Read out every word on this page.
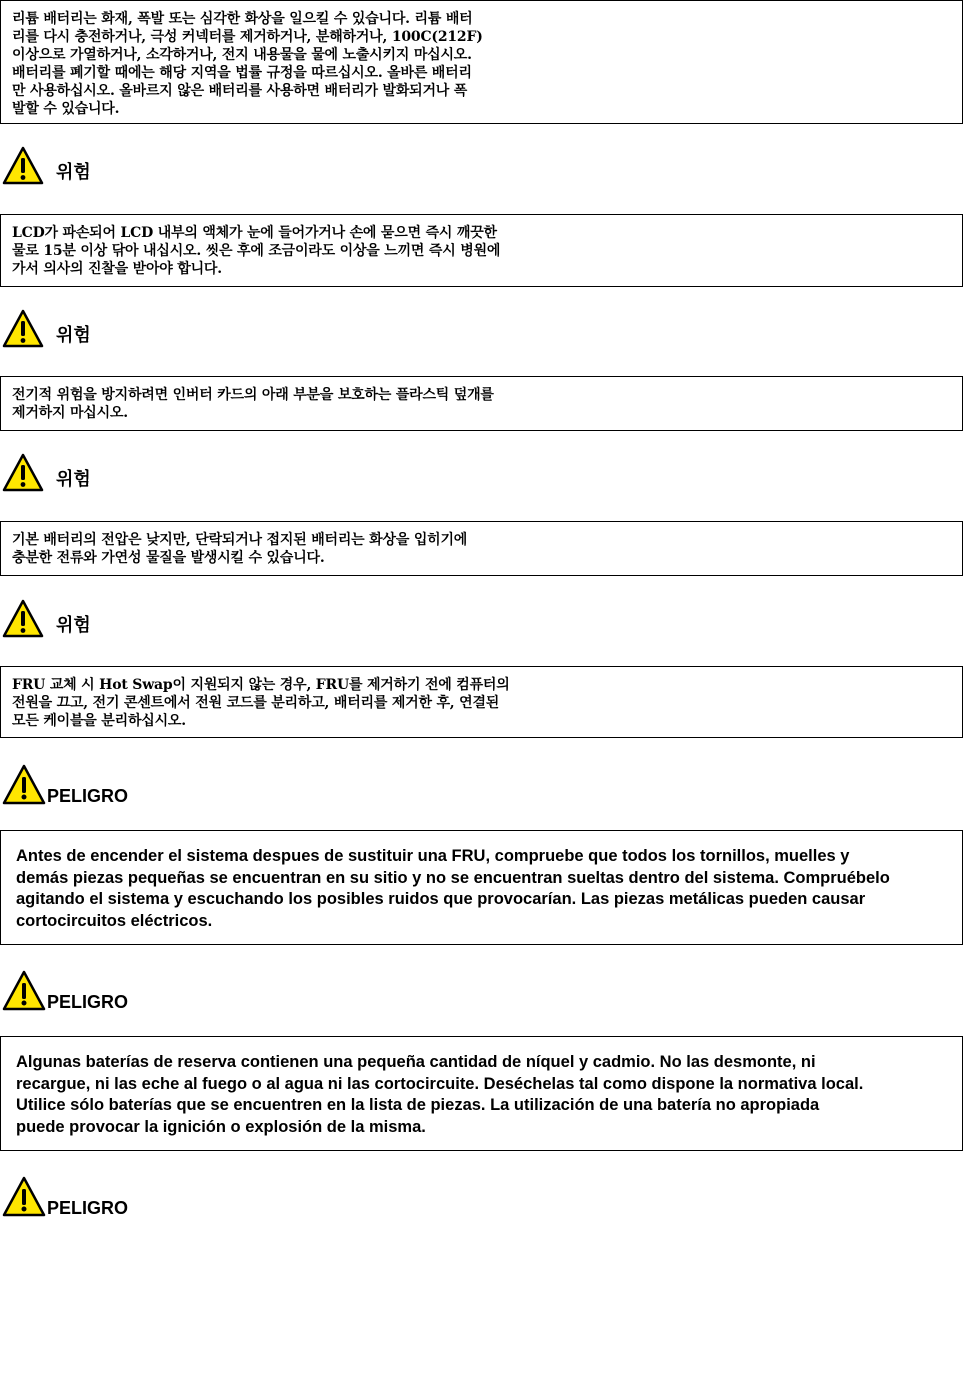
리튬 배터리는 화재, 폭발 또는 심각한 화상을 일으킬 수 있습니다. 리튬 배터
리를 다시 충전하거나, 극성 커넥터를 제거하거나, 분해하거나, 100C(212F)
이상으로 가열하거나, 소각하거나, 전지 내용물을 물에 노출시키지 마십시오.
배터리를 폐기할 때에는 해당 지역을 법률 규정을 따르십시오. 올바른 배터리
만 사용하십시오. 올바르지 않은 배터리를 사용하면 배터리가 발화되거나 폭
발할 수 있습니다.
위험
LCD가 파손되어 LCD 내부의 액체가 눈에 들어가거나 손에 묻으면 즉시 깨끗한
물로 15분 이상 닦아 내십시오. 씻은 후에 조금이라도 이상을 느끼면 즉시 병원에
가서 의사의 진찰을 받아야 합니다.
위험
전기적 위험을 방지하려면 인버터 카드의 아래 부분을 보호하는 플라스틱 덮개를
제거하지 마십시오.
위험
기본 배터리의 전압은 낮지만, 단락되거나 접지된 배터리는 화상을 입히기에
충분한 전류와 가연성 물질을 발생시킬 수 있습니다.
위험
FRU 교체 시 Hot Swap이 지원되지 않는 경우, FRU를 제거하기 전에 컴퓨터의
전원을 끄고, 전기 콘센트에서 전원 코드를 분리하고, 배터리를 제거한 후, 연결된
모든 케이블을 분리하십시오.
PELIGRO
Antes de encender el sistema despues de sustituir una FRU, compruebe que todos los tornillos, muelles y
demás piezas pequeñas se encuentran en su sitio y no se encuentran sueltas dentro del sistema. Compruébelo
agitando el sistema y escuchando los posibles ruidos que provocarían. Las piezas metálicas pueden causar
cortocircuitos eléctricos.
PELIGRO
Algunas baterías de reserva contienen una pequeña cantidad de níquel y cadmio. No las desmonte, ni
recargue, ni las eche al fuego o al agua ni las cortocircuite. Deséchelas tal como dispone la normativa local.
Utilice sólo baterías que se encuentren en la lista de piezas. La utilización de una batería no apropiada
puede provocar la ignición o explosión de la misma.
PELIGRO
